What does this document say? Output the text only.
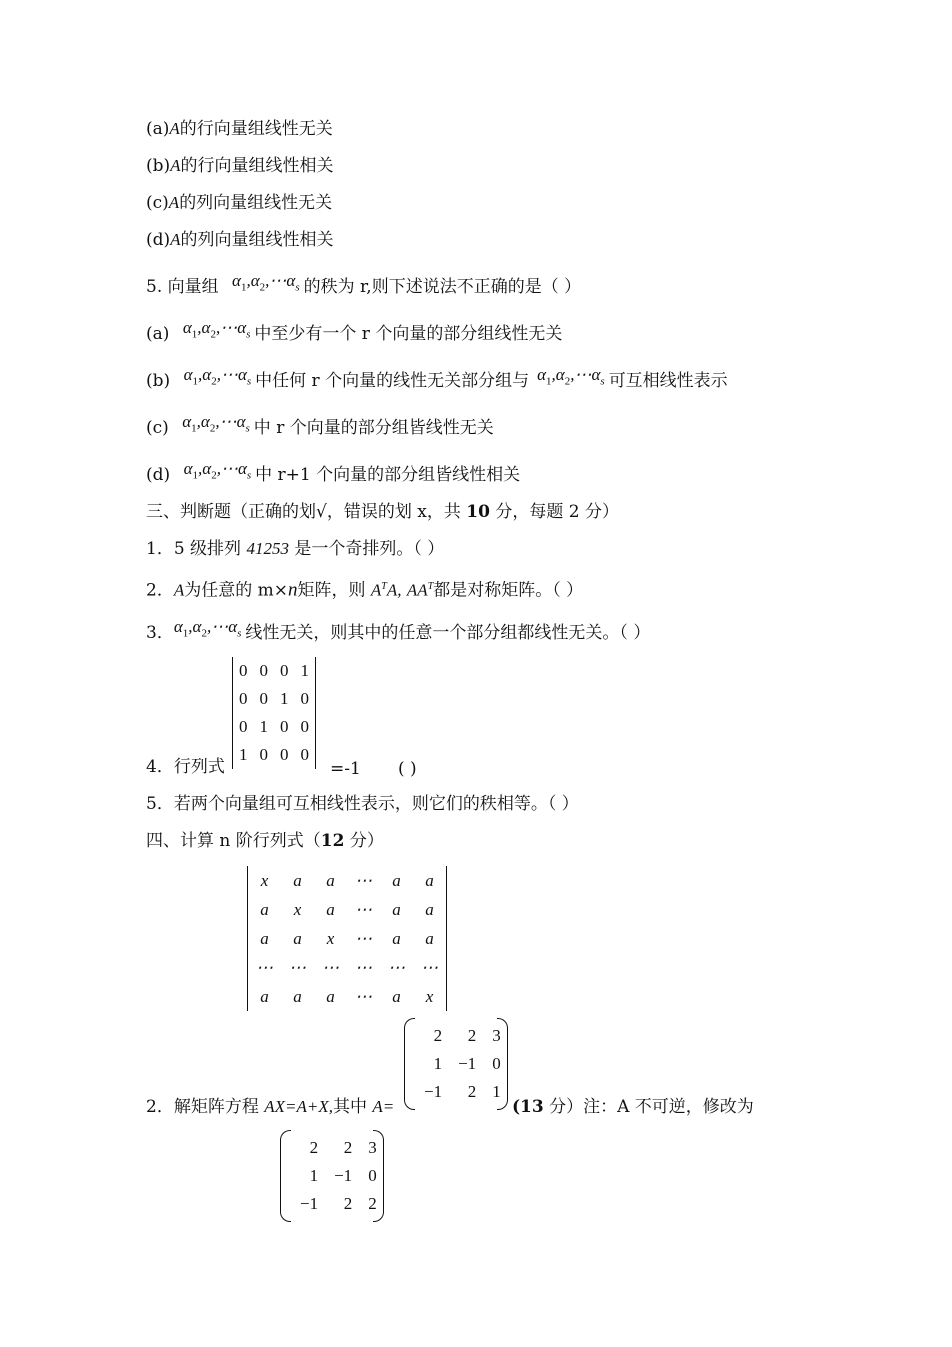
(a)A的行向量组线性无关
(b)A的行向量组线性相关
(c)A的列向量组线性无关
(d)A的列向量组线性相关
5. 向量组 $\alpha_1,\alpha_2,\cdots\alpha_s$ 的秩为 r,则下述说法不正确的是（ ）
(a) $\alpha_1,\alpha_2,\cdots\alpha_s$ 中至少有一个 r 个向量的部分组线性无关
(b) $\alpha_1,\alpha_2,\cdots\alpha_s$ 中任何 r 个向量的线性无关部分组与 $\alpha_1,\alpha_2,\cdots\alpha_s$ 可互相线性表示
(c) $\alpha_1,\alpha_2,\cdots\alpha_s$ 中 r 个向量的部分组皆线性无关
(d) $\alpha_1,\alpha_2,\cdots\alpha_s$ 中 r+1 个向量的部分组皆线性相关
三、判断题（正确的划√，错误的划 x，共 10 分，每题 2 分）
1．5 级排列 41253 是一个奇排列。（ ）
2．A为任意的 m×n矩阵，则 $A^TA$, $AA^T$都是对称矩阵。（ ）
3．$\alpha_1,\alpha_2,\cdots\alpha_s$ 线性无关，则其中的任意一个部分组都线性无关。（ ）
0	0	0	1
0	0	1	0
0	1	0	0
1	0	0	0
4．行列式	=-1 ( )
5．若两个向量组可互相线性表示，则它们的秩相等。（ ）
四、计算 n 阶行列式（12 分）
x	a	a	⋯	a	a
a	x	a	⋯	a	a
a	a	x	⋯	a	a
⋯	⋯	⋯	⋯	⋯	⋯
a	a	a	⋯	a	x
2	2	3
1	−1	0
−1	2	1
2．解矩阵方程 AX=A+X,其中 A=	(13 分）注：A 不可逆，修改为
2	2	3
1	−1	0
−1	2	2
